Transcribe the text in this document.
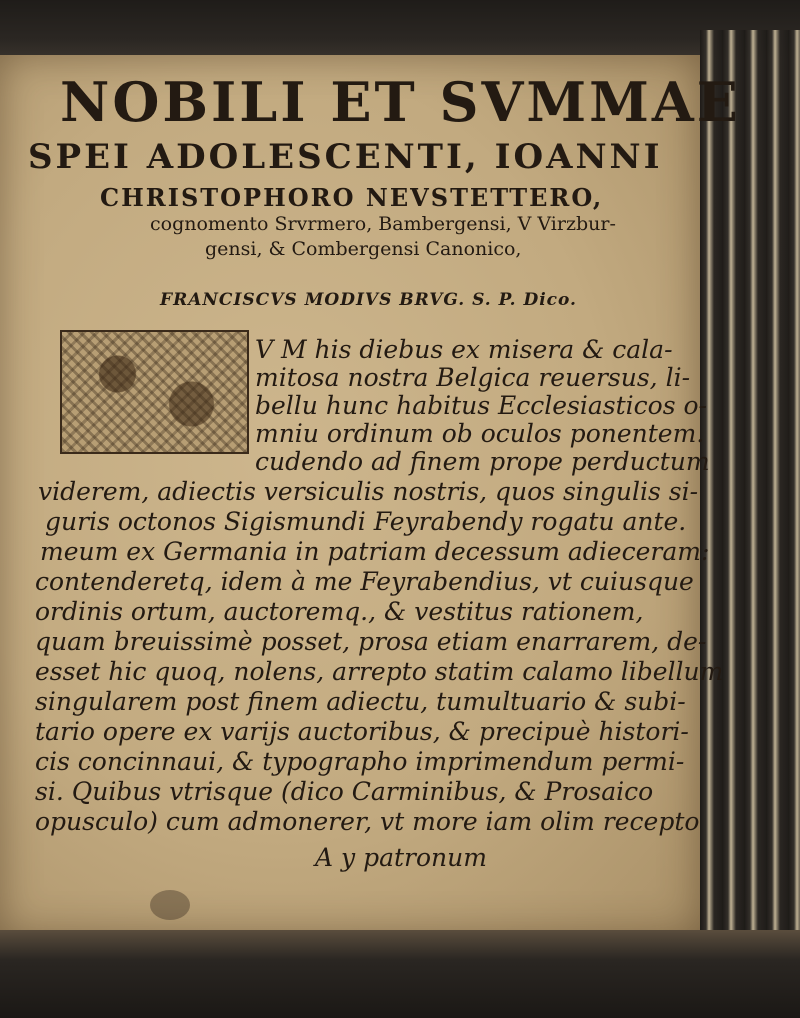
NOBILI ET SVMMAE
SPEI ADOLESCENTI, IOANNI
CHRISTOPHORO NEVSTETTERO,
cognomento Srvrmero, Bambergensi, V Virzbur-
gensi, & Combergensi Canonico,
FRANCISCVS MODIVS BRVG. S. P. Dico.
V M his diebus ex misera & cala-
mitosa nostra Belgica reuersus, li-
bellu hunc habitus Ecclesiasticos o-
mniu ordinum ob oculos ponentem.
cudendo ad finem prope perductum
viderem, adiectis versiculis nostris, quos singulis si-
guris octonos Sigismundi Feyrabendy rogatu ante.
meum ex Germania in patriam decessum adieceram:
contenderetq, idem à me Feyrabendius, vt cuiusque
ordinis ortum, auctoremq., & vestitus rationem,
quam breuissimè posset, prosa etiam enarrarem, de-
esset hic quoq, nolens, arrepto statim calamo libellum
singularem post finem adiectu, tumultuario & subi-
tario opere ex varijs auctoribus, & precipuè histori-
cis concinnaui, & typographo imprimendum permi-
si. Quibus vtrisque (dico Carminibus, & Prosaico
opusculo) cum admonerer, vt more iam olim recepto
A y patronum
